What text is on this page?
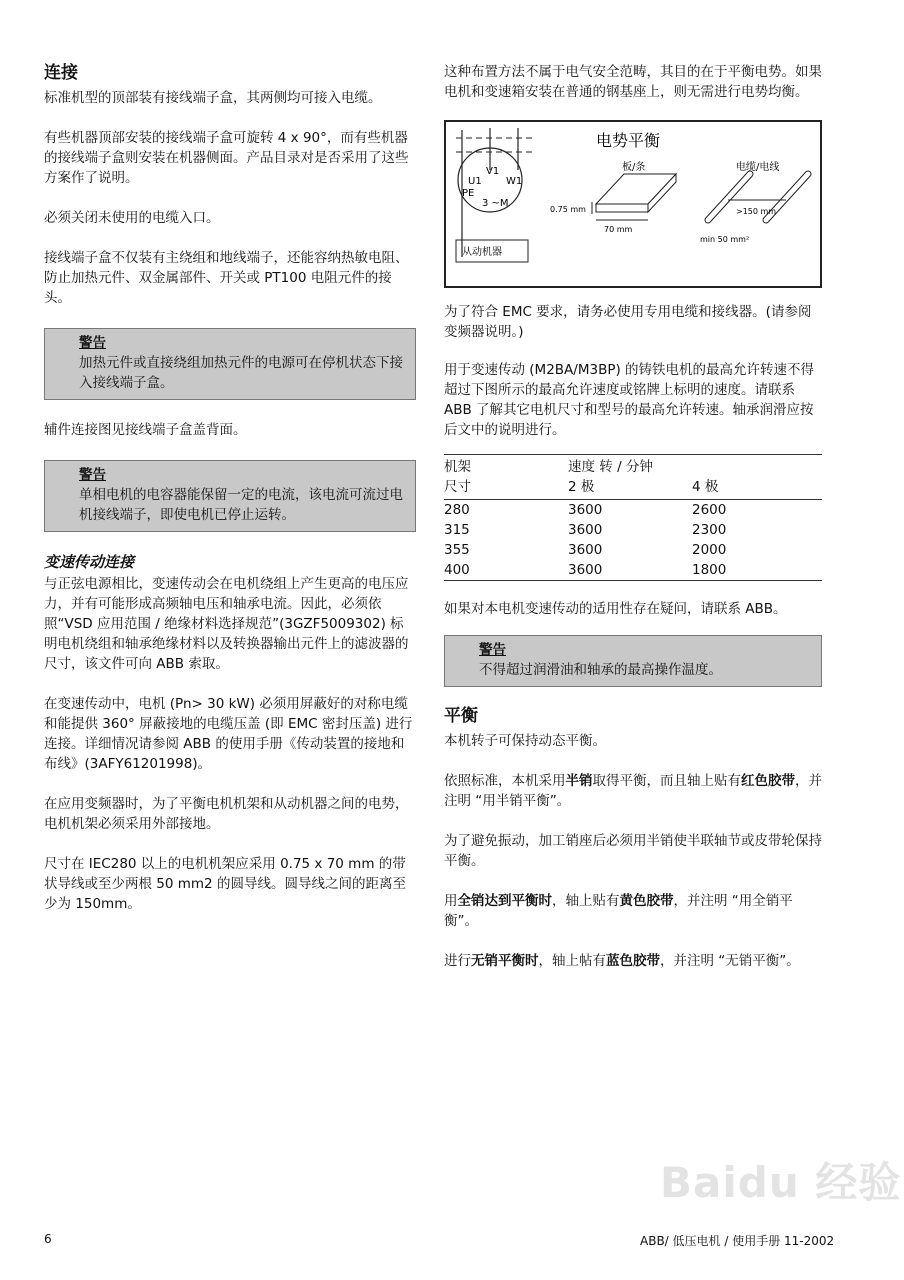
连接

标准机型的顶部装有接线端子盒，其两侧均可接入电缆。

有些机器顶部安装的接线端子盒可旋转 4 x 90°，而有些机器的接线端子盒则安装在机器侧面。产品目录对是否采用了这些方案作了说明。

必须关闭未使用的电缆入口。

接线端子盒不仅装有主绕组和地线端子，还能容纳热敏电阻、防止加热元件、双金属部件、开关或 PT100 电阻元件的接头。

警告
加热元件或直接绕组加热元件的电源可在停机状态下接入接线端子盒。

辅件连接图见接线端子盒盖背面。

警告
单相电机的电容器能保留一定的电流，该电流可流过电机接线端子，即使电机已停止运转。
变速传动连接

与正弦电源相比，变速传动会在电机绕组上产生更高的电压应力，并有可能形成高频轴电压和轴承电流。因此，必须依照“VSD 应用范围 / 绝缘材料选择规范”(3GZF5009302) 标明电机绕组和轴承绝缘材料以及转换器输出元件上的滤波器的尺寸，该文件可向 ABB 索取。

在变速传动中，电机 (Pn> 30 kW) 必须用屏蔽好的对称电缆和能提供 360° 屏蔽接地的电缆压盖 (即 EMC 密封压盖) 进行连接。详细情况请参阅 ABB 的使用手册《传动装置的接地和布线》(3AFY61201998)。

在应用变频器时，为了平衡电机机架和从动机器之间的电势，电机机架必须采用外部接地。

尺寸在 IEC280 以上的电机机架应采用 0.75 x 70 mm 的带状导线或至少两根 50 mm2 的圆导线。圆导线之间的距离至少为 150mm。

这种布置方法不属于电气安全范畴，其目的在于平衡电势。如果电机和变速箱安装在普通的钢基座上，则无需进行电势均衡。

电势平衡
V1
U1 W1
PE
3 ~M
从动机器
板/条
0.75 mm
70 mm
电缆/电线
>150 mm
min 50 mm²

为了符合 EMC 要求，请务必使用专用电缆和接线器。(请参阅变频器说明。)

用于变速传动 (M2BA/M3BP) 的铸铁电机的最高允许转速不得超过下图所示的最高允许速度或铭牌上标明的速度。请联系 ABB 了解其它电机尺寸和型号的最高允许转速。轴承润滑应按后文中的说明进行。

机架	速度 转 / 分钟	
尺寸	2 极	4 极
280	3600	2600
315	3600	2300
355	3600	2000
400	3600	1800

如果对本电机变速传动的适用性存在疑问，请联系 ABB。

警告
不得超过润滑油和轴承的最高操作温度。
平衡

本机转子可保持动态平衡。

依照标准，本机采用半销取得平衡，而且轴上贴有红色胶带，并注明 “用半销平衡”。

为了避免振动，加工销座后必须用半销使半联轴节或皮带轮保持平衡。

用全销达到平衡时，轴上贴有黄色胶带，并注明 “用全销平衡”。

进行无销平衡时，轴上帖有蓝色胶带，并注明 “无销平衡”。

Baidu 经验
6	ABB/ 低压电机 / 使用手册 11-2002
